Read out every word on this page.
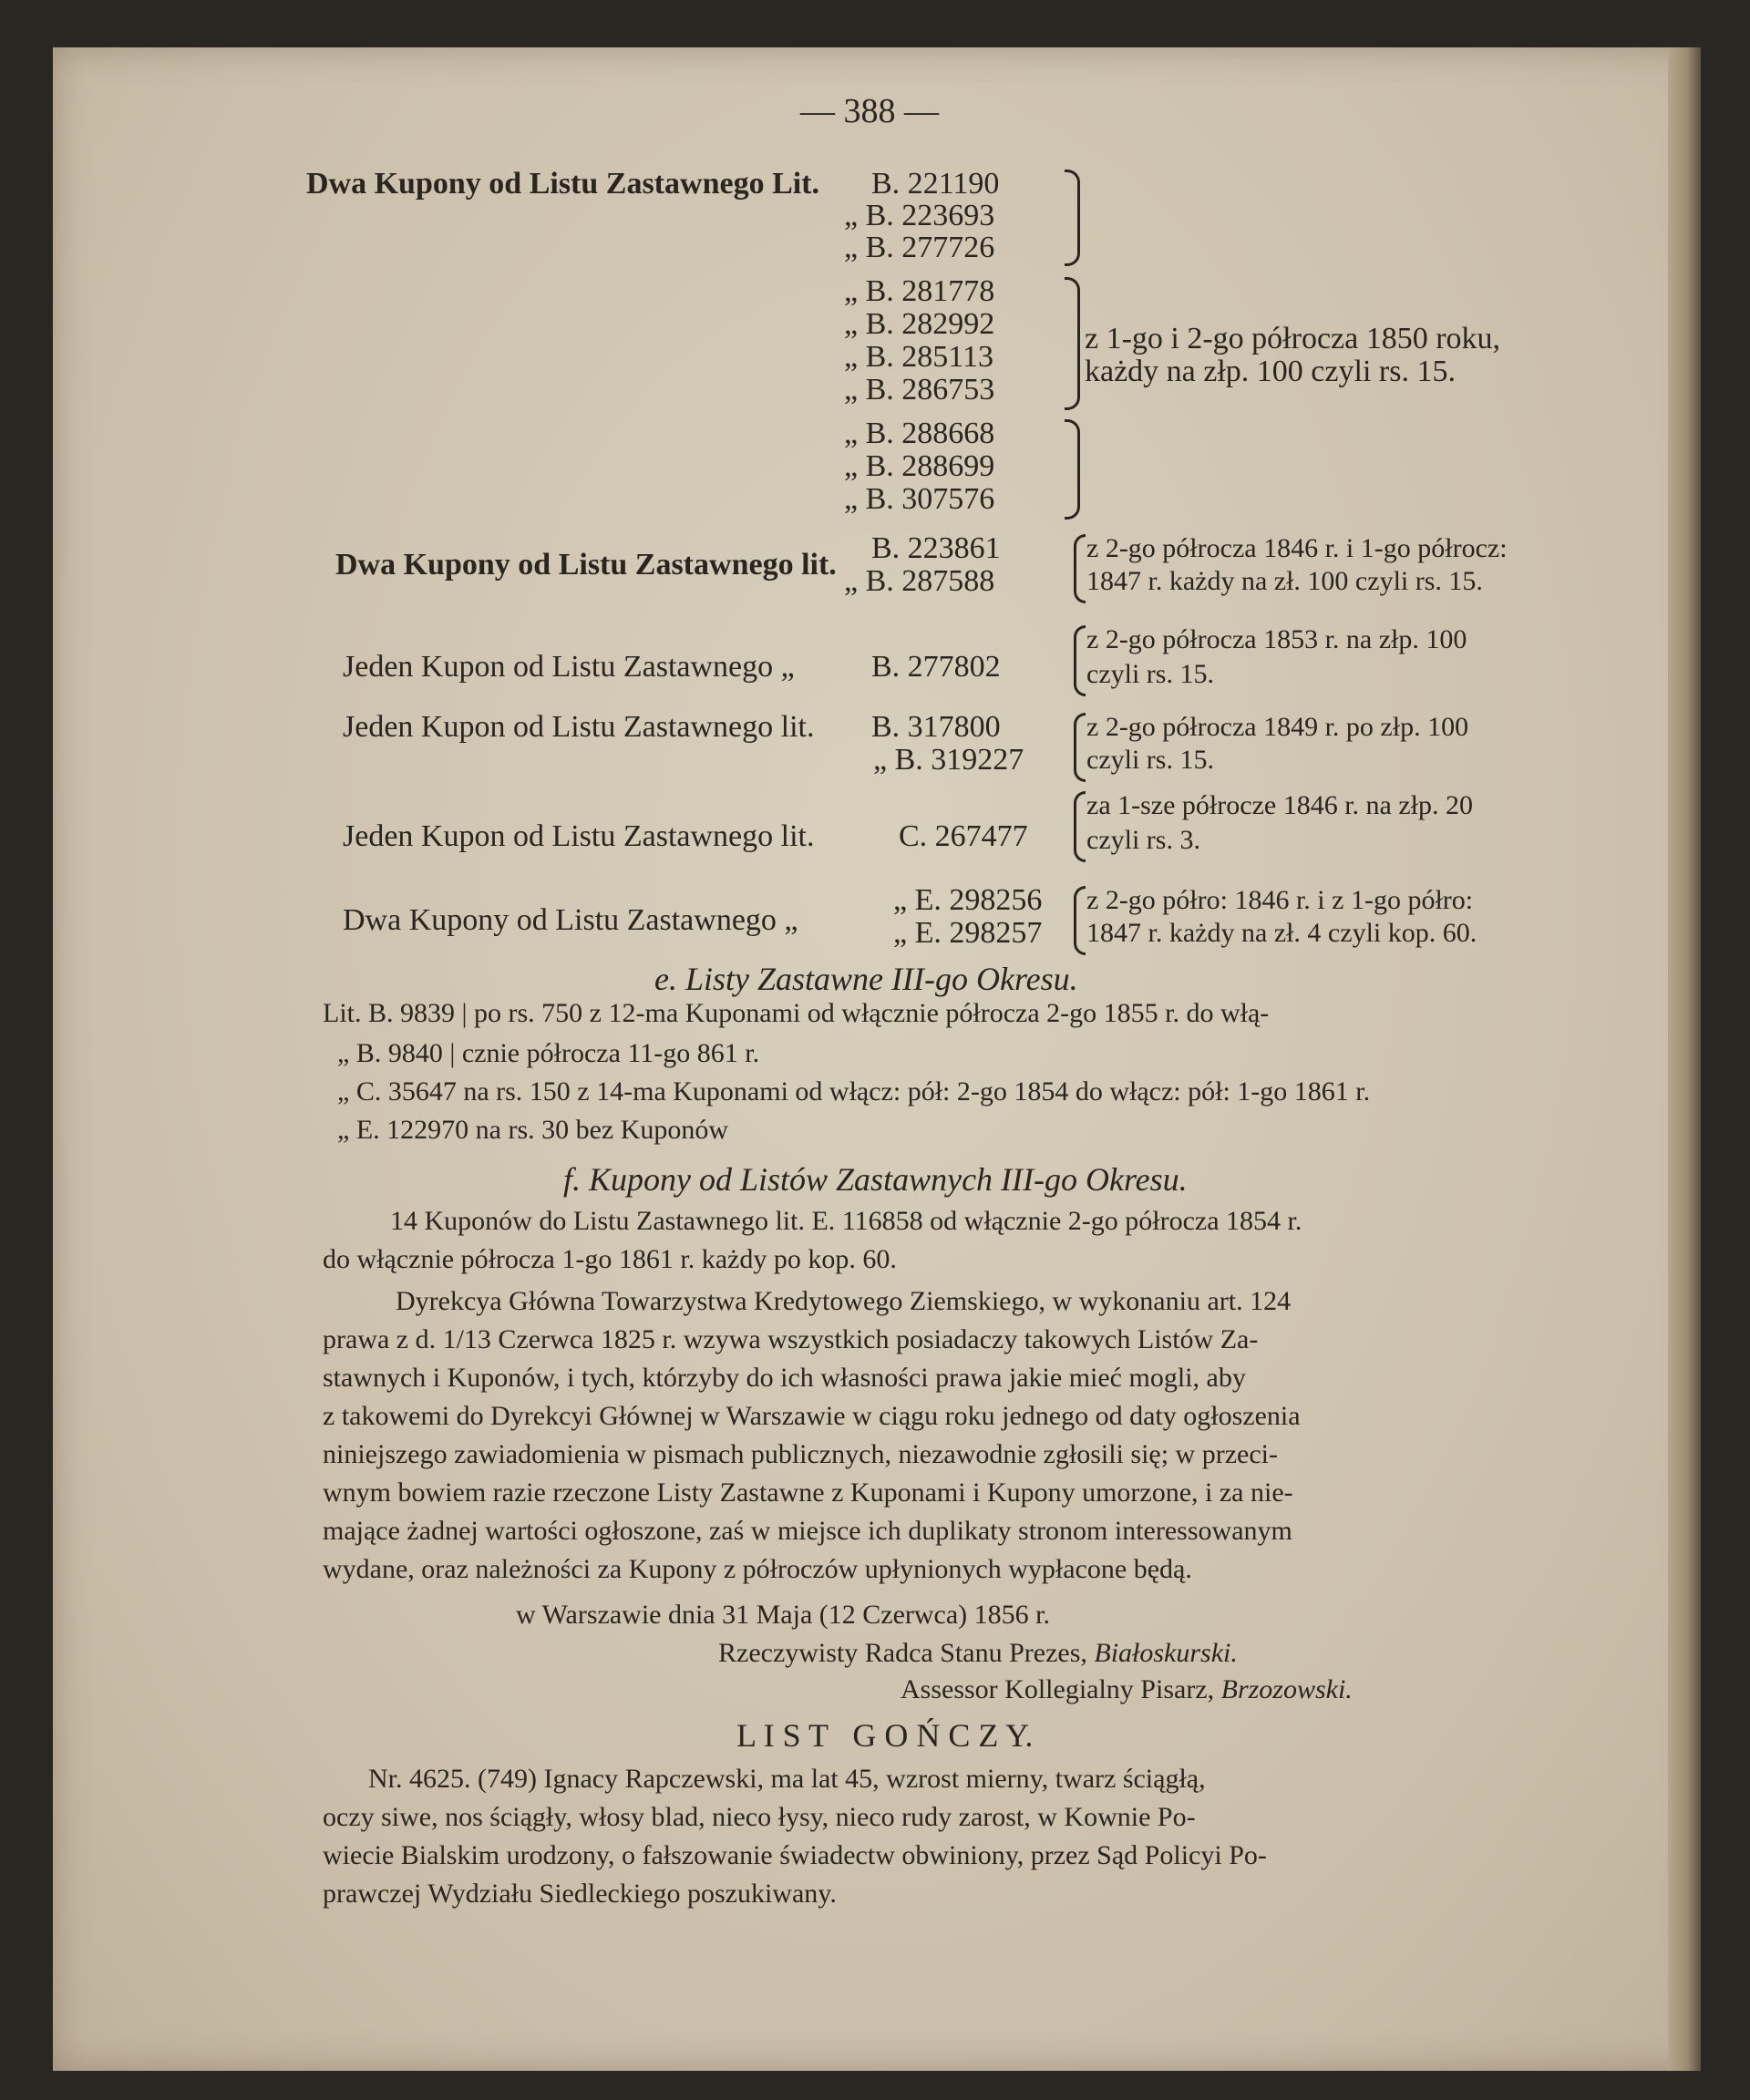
— 388 —
Dwa Kupony od Listu Zastawnego Lit. B. 221190
„ B. 223693
„ B. 277726
„ B. 281778
„ B. 282992
„ B. 285113
„ B. 286753
„ B. 288668
„ B. 288699
„ B. 307576
z 1-go i 2-go półrocza 1850 roku,
każdy na złp. 100 czyli rs. 15.
Dwa Kupony od Listu Zastawnego lit. B. 223861
„ B. 287588
z 2-go półrocza 1846 r. i 1-go półrocz:
1847 r. każdy na zł. 100 czyli rs. 15.
Jeden Kupon od Listu Zastawnego „ B. 277802
z 2-go półrocza 1853 r. na złp. 100
czyli rs. 15.
Jeden Kupon od Listu Zastawnego lit. B. 317800
„ B. 319227
z 2-go półrocza 1849 r. po złp. 100
czyli rs. 15.
Jeden Kupon od Listu Zastawnego lit.	C. 267477
za 1-sze półrocze 1846 r. na złp. 20
czyli rs. 3.
Dwa Kupony od Listu Zastawnego „
„ E. 298256
„ E. 298257
z 2-go półro: 1846 r. i z 1-go półro:
1847 r. każdy na zł. 4 czyli kop. 60.
e. Listy Zastawne III-go Okresu.
Lit. B. 9839 | po rs. 750 z 12-ma Kuponami od włącznie półrocza 2-go 1855 r. do włą-
„ B. 9840 | cznie półrocza 11-go 861 r.
„ C. 35647 na rs. 150 z 14-ma Kuponami od włącz: pół: 2-go 1854 do włącz: pół: 1-go 1861 r.
„ E. 122970 na rs. 30 bez Kuponów
f. Kupony od Listów Zastawnych III-go Okresu.
14 Kuponów do Listu Zastawnego lit. E. 116858 od włącznie 2-go półrocza 1854 r.
do włącznie półrocza 1-go 1861 r. każdy po kop. 60.
Dyrekcya Główna Towarzystwa Kredytowego Ziemskiego, w wykonaniu art. 124
prawa z d. 1/13 Czerwca 1825 r. wzywa wszystkich posiadaczy takowych Listów Za-
stawnych i Kuponów, i tych, którzyby do ich własności prawa jakie mieć mogli, aby
z takowemi do Dyrekcyi Głównej w Warszawie w ciągu roku jednego od daty ogłoszenia
niniejszego zawiadomienia w pismach publicznych, niezawodnie zgłosili się; w przeci-
wnym bowiem razie rzeczone Listy Zastawne z Kuponami i Kupony umorzone, i za nie-
mające żadnej wartości ogłoszone, zaś w miejsce ich duplikaty stronom interessowanym
wydane, oraz należności za Kupony z półroczów upłynionych wypłacone będą.
w Warszawie dnia 31 Maja (12 Czerwca) 1856 r.
Rzeczywisty Radca Stanu Prezes, Białoskurski.
Assessor Kollegialny Pisarz, Brzozowski.
L I S T   G O Ń C Z Y.
Nr. 4625. (749) Ignacy Rapczewski, ma lat 45, wzrost mierny, twarz ściągłą,
oczy siwe, nos ściągły, włosy blad, nieco łysy, nieco rudy zarost, w Kownie Po-
wiecie Bialskim urodzony, o fałszowanie świadectw obwiniony, przez Sąd Policyi Po-
prawczej Wydziału Siedleckiego poszukiwany.
